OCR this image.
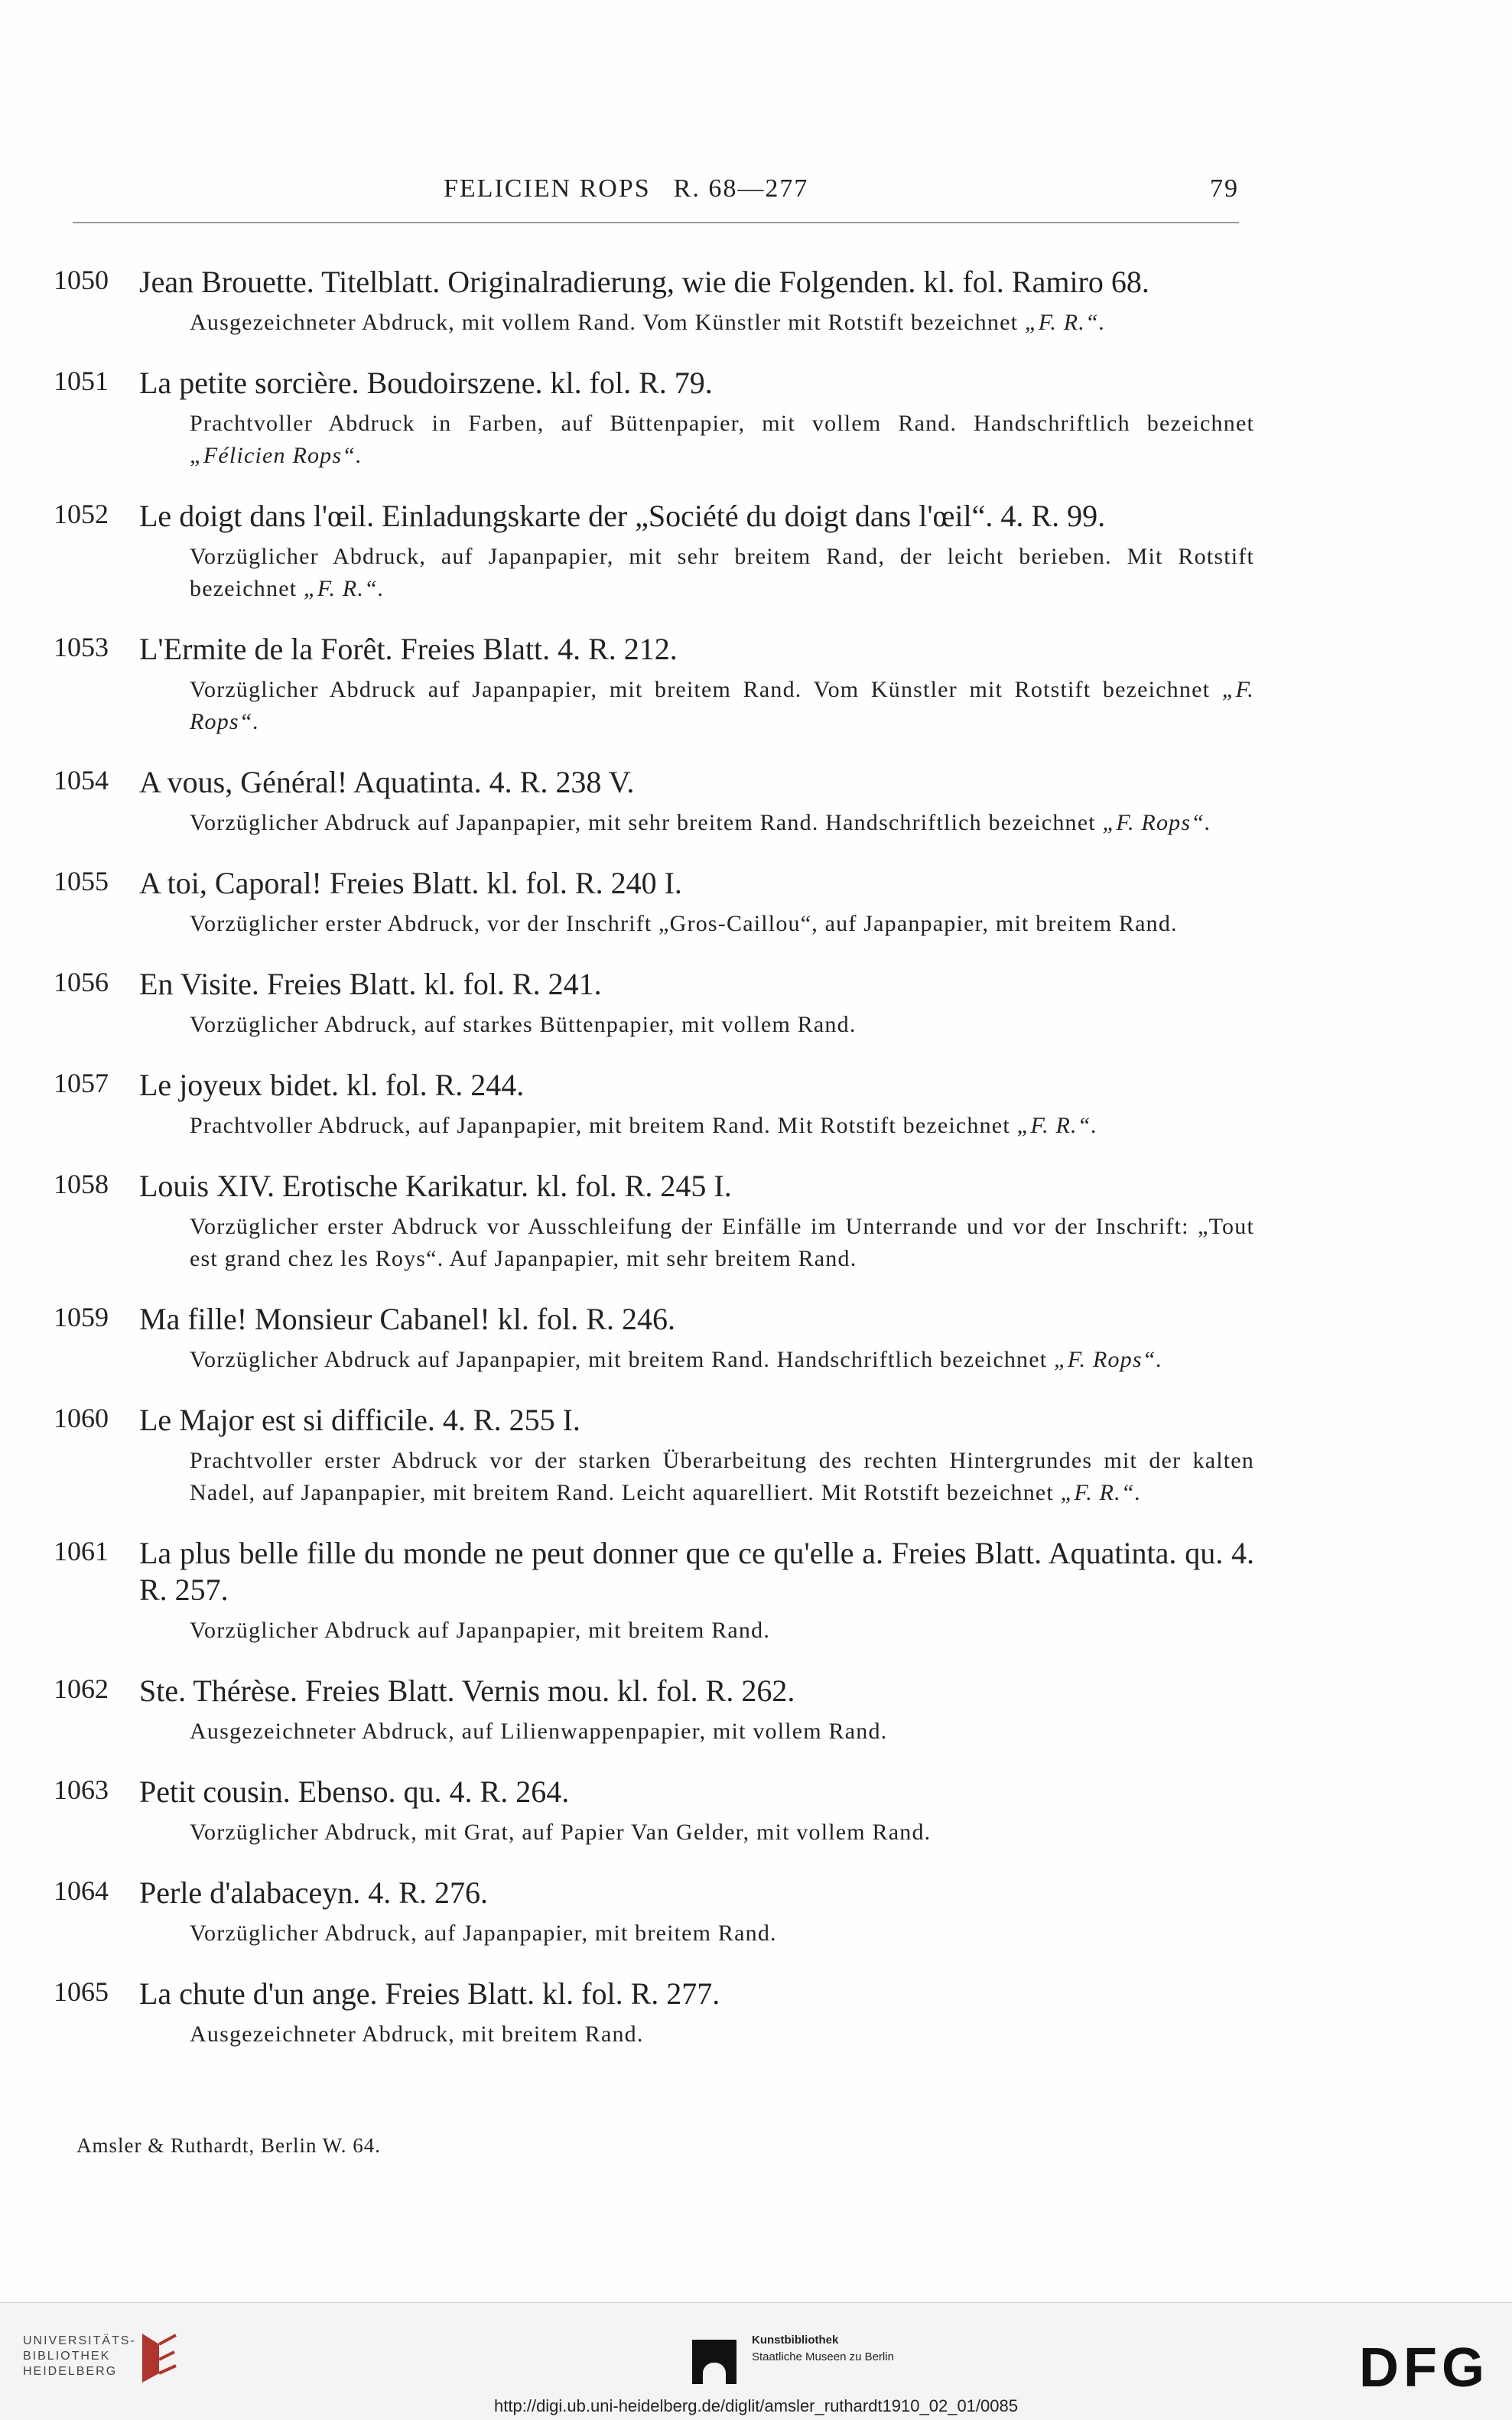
FELICIEN ROPS R. 68—277	79
1050 Jean Brouette. Titelblatt. Originalradierung, wie die Folgenden. kl. fol. Ramiro 68.
Ausgezeichneter Abdruck, mit vollem Rand. Vom Künstler mit Rotstift bezeichnet „F. R.“.
1051 La petite sorcière. Boudoirszene. kl. fol. R. 79.
Prachtvoller Abdruck in Farben, auf Büttenpapier, mit vollem Rand. Handschriftlich bezeichnet „Félicien Rops“.
1052 Le doigt dans l'œil. Einladungskarte der „Société du doigt dans l'œil“. 4. R. 99.
Vorzüglicher Abdruck, auf Japanpapier, mit sehr breitem Rand, der leicht berieben. Mit Rotstift bezeichnet „F. R.“.
1053 L'Ermite de la Forêt. Freies Blatt. 4. R. 212.
Vorzüglicher Abdruck auf Japanpapier, mit breitem Rand. Vom Künstler mit Rotstift bezeichnet „F. Rops“.
1054 A vous, Général! Aquatinta. 4. R. 238 V.
Vorzüglicher Abdruck auf Japanpapier, mit sehr breitem Rand. Handschriftlich bezeichnet „F. Rops“.
1055 A toi, Caporal! Freies Blatt. kl. fol. R. 240 I.
Vorzüglicher erster Abdruck, vor der Inschrift „Gros-Caillou“, auf Japanpapier, mit breitem Rand.
1056 En Visite. Freies Blatt. kl. fol. R. 241.
Vorzüglicher Abdruck, auf starkes Büttenpapier, mit vollem Rand.
1057 Le joyeux bidet. kl. fol. R. 244.
Prachtvoller Abdruck, auf Japanpapier, mit breitem Rand. Mit Rotstift bezeichnet „F. R.“.
1058 Louis XIV. Erotische Karikatur. kl. fol. R. 245 I.
Vorzüglicher erster Abdruck vor Ausschleifung der Einfälle im Unterrande und vor der Inschrift: „Tout est grand chez les Roys“. Auf Japanpapier, mit sehr breitem Rand.
1059 Ma fille! Monsieur Cabanel! kl. fol. R. 246.
Vorzüglicher Abdruck auf Japanpapier, mit breitem Rand. Handschriftlich bezeichnet „F. Rops“.
1060 Le Major est si difficile. 4. R. 255 I.
Prachtvoller erster Abdruck vor der starken Überarbeitung des rechten Hintergrundes mit der kalten Nadel, auf Japanpapier, mit breitem Rand. Leicht aquarelliert. Mit Rotstift bezeichnet „F. R.“.
1061 La plus belle fille du monde ne peut donner que ce qu'elle a. Freies Blatt. Aquatinta. qu. 4. R. 257.
Vorzüglicher Abdruck auf Japanpapier, mit breitem Rand.
1062 Ste. Thérèse. Freies Blatt. Vernis mou. kl. fol. R. 262.
Ausgezeichneter Abdruck, auf Lilienwappenpapier, mit vollem Rand.
1063 Petit cousin. Ebenso. qu. 4. R. 264.
Vorzüglicher Abdruck, mit Grat, auf Papier Van Gelder, mit vollem Rand.
1064 Perle d'alabaceyn. 4. R. 276.
Vorzüglicher Abdruck, auf Japanpapier, mit breitem Rand.
1065 La chute d'un ange. Freies Blatt. kl. fol. R. 277.
Ausgezeichneter Abdruck, mit breitem Rand.
Amsler & Ruthardt, Berlin W. 64.
UNIVERSITÄTS-
BIBLIOTHEK
HEIDELBERG
Kunstbibliothek
Staatliche Museen zu Berlin	DFG
http://digi.ub.uni-heidelberg.de/diglit/amsler_ruthardt1910_02_01/0085
